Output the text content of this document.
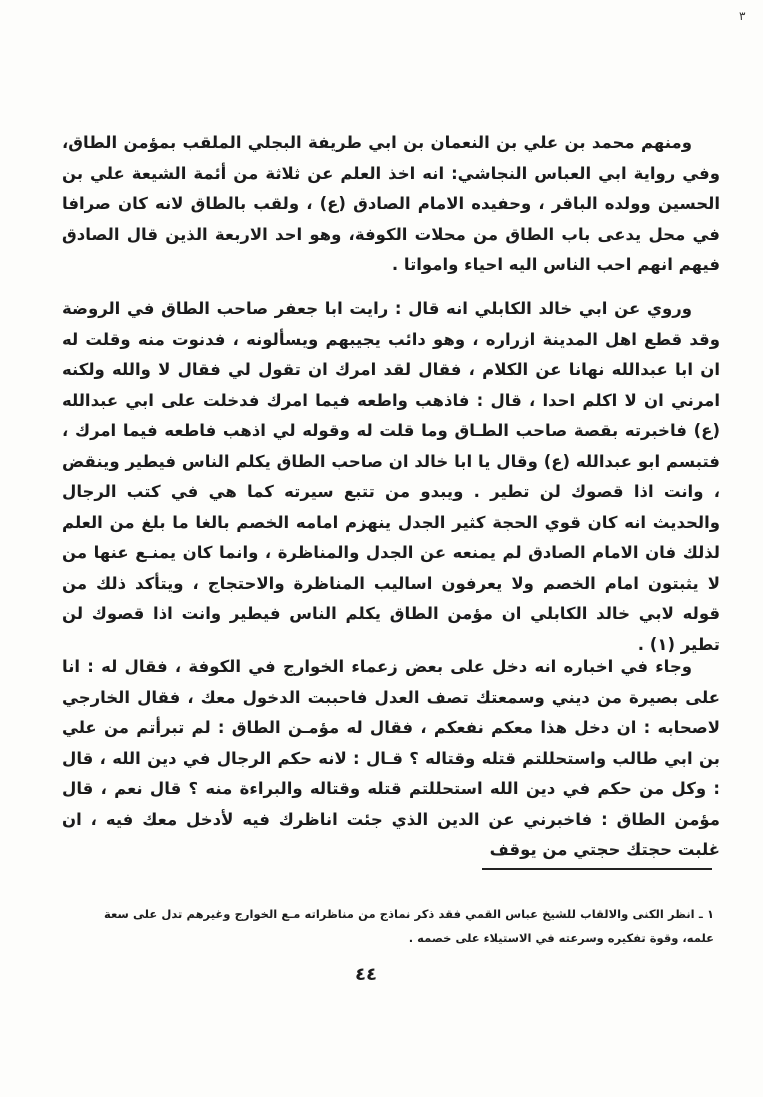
٣

ومنهم محمد بن علي بن النعمان بن ابي طريفة البجلي الملقب بمؤمن الطاق، وفي رواية ابي العباس النجاشي: انه اخذ العلم عن ثلاثة من أئمة الشيعة علي بن الحسين وولده الباقر ، وحفيده الامام الصادق (ع) ، ولقب بالطاق لانه كان صرافا في محل يدعى باب الطاق من محلات الكوفة، وهو احد الاربعة الذين قال الصادق فيهم انهم احب الناس اليه احياء وامواتا .

وروي عن ابي خالد الكابلي انه قال : رايت ابا جعفر صاحب الطاق في الروضة وقد قطع اهل المدينة ازراره ، وهو دائب يجيبهم ويسألونه ، فدنوت منه وقلت له ان ابا عبدالله نهانا عن الكلام ، فقال لقد امرك ان تقول لي فقال لا والله ولكنه امرني ان لا اكلم احدا ، قال : فاذهب واطعه فيما امرك فدخلت على ابي عبدالله (ع) فاخبرته بقصة صاحب الطـاق وما قلت له وقوله لي اذهب فاطعه فيما امرك ، فتبسم ابو عبدالله (ع) وقال يا ابا خالد ان صاحب الطاق يكلم الناس فيطير وينقض ، وانت اذا قصوك لن تطير . ويبدو من تتبع سيرته كما هي في كتب الرجال والحديث انه كان قوي الحجة كثير الجدل ينهزم امامه الخصم بالغا ما بلغ من العلم لذلك فان الامام الصادق لم يمنعه عن الجدل والمناظرة ، وانما كان يمنـع عنها من لا يثبتون امام الخصم ولا يعرفون اساليب المناظرة والاحتجاج ، ويتأكد ذلك من قوله لابي خالد الكابلي ان مؤمن الطاق يكلم الناس فيطير وانت اذا قصوك لن تطير (١) .

وجاء في اخباره انه دخل على بعض زعماء الخوارج في الكوفة ، فقال له : انا على بصيرة من ديني وسمعتك تصف العدل فاحببت الدخول معك ، فقال الخارجي لاصحابه : ان دخل هذا معكم نفعكم ، فقال له مؤمـن الطاق : لم تبرأتم من علي بن ابي طالب واستحللتم قتله وقتاله ؟ قـال : لانه حكم الرجال في دين الله ، قال : وكل من حكم في دين الله استحللتم قتله وقتاله والبراءة منه ؟ قال نعم ، قال مؤمن الطاق : فاخبرني عن الدين الذي جئت اناظرك فيه لأدخل معك فيه ، ان غلبت حجتك حجتي من يوقف

١ ـ انظر الكنى والالقاب للشيخ عباس القمي فقد ذكر نماذج من مناظراته مـع الخوارج وغيرهم تدل على سعة علمه، وقوة تفكيره وسرعته في الاستيلاء على خصمه .
٤٤
